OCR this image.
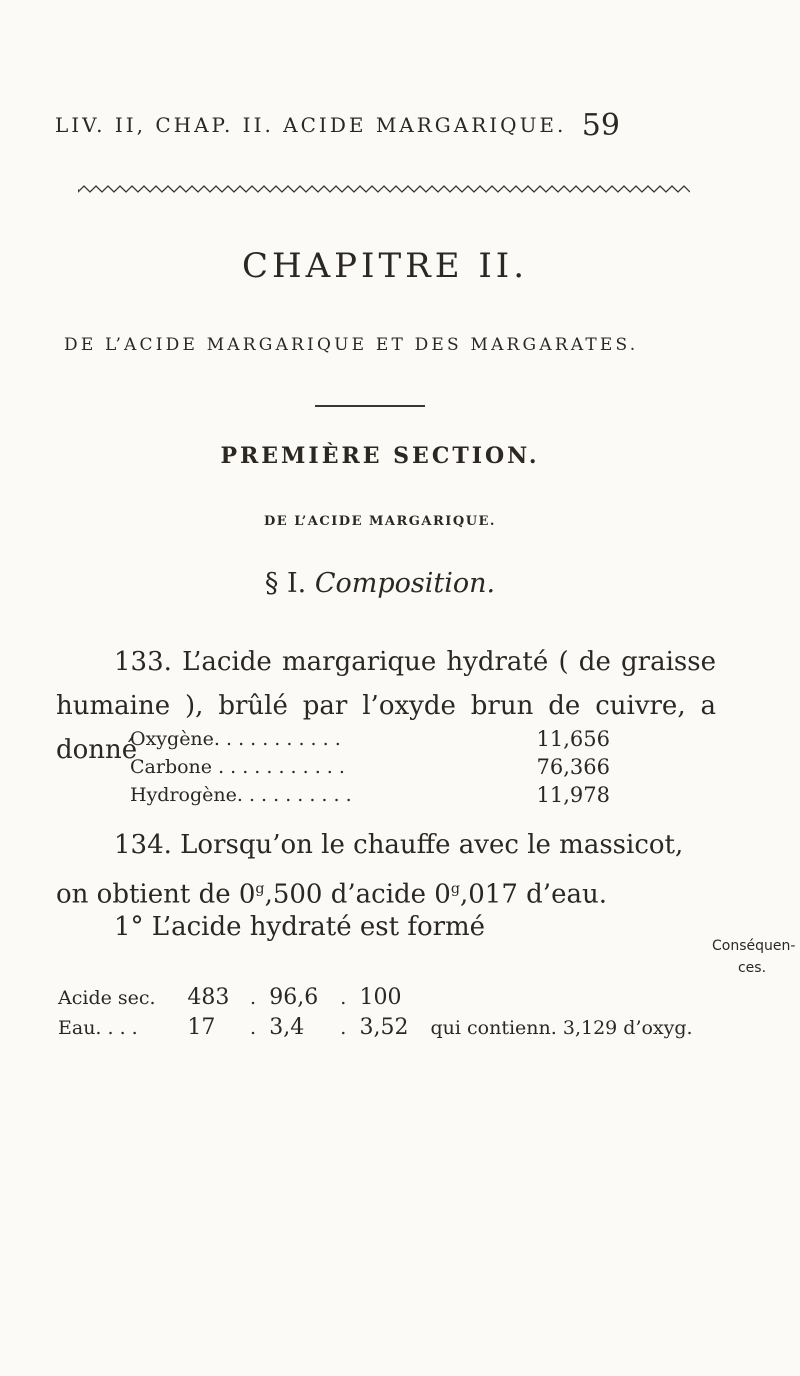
LIV. II, CHAP. II. ACIDE MARGARIQUE. 59
CHAPITRE II.
DE L’ACIDE MARGARIQUE ET DES MARGARATES.
PREMIÈRE SECTION.
DE L’ACIDE MARGARIQUE.
§ I. Composition.
133. L’acide margarique hydraté ( de graisse humaine ), brûlé par l’oxyde brun de cuivre, a donné
Oxygène. . . . . . . . . . .	11,656
Carbone . . . . . . . . . . .	76,366
Hydrogène. . . . . . . . . .	11,978
134. Lorsqu’on le chauffe avec le massicot, on obtient de 0$^g$,500 d’acide 0$^g$,017 d’eau.
1° L’acide hydraté est formé
Acide sec.	483	.	96,6	.	100	
Eau. . . .	17	.	3,4	.	3,52	qui contienn. 3,129 d’oxyg.
Conséquen-
ces.
